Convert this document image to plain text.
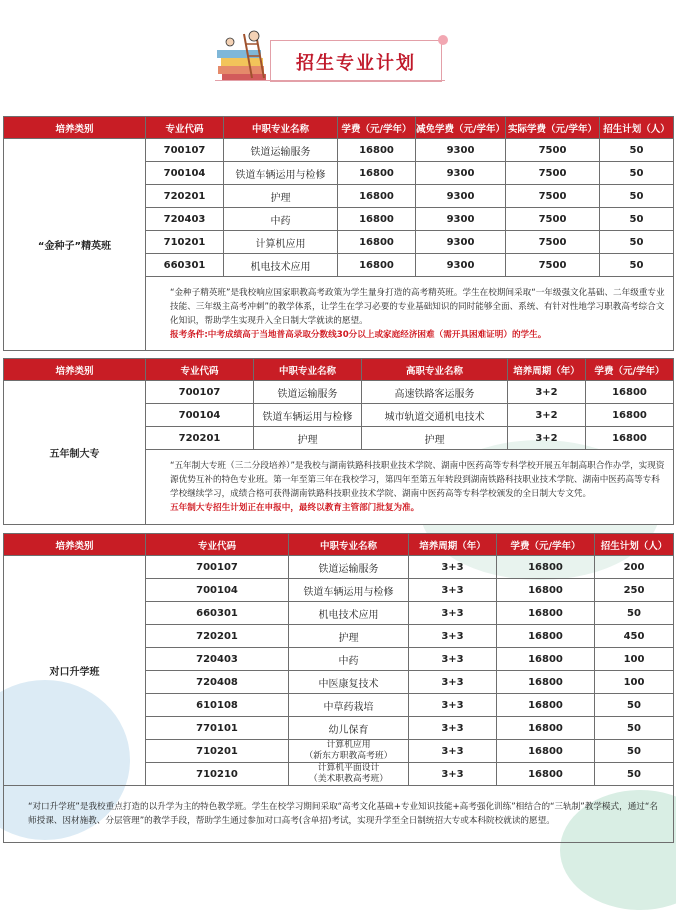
招生专业计划
培养类别	专业代码	中职专业名称	学费（元/学年）	减免学费（元/学年）	实际学费（元/学年）	招生计划（人）
“金种子”精英班	700107	铁道运输服务	16800	9300	7500	50
	700104	铁道车辆运用与检修	16800	9300	7500	50
	720201	护理	16800	9300	7500	50
	720403	中药	16800	9300	7500	50
	710201	计算机应用	16800	9300	7500	50
	660301	机电技术应用	16800	9300	7500	50

	“金种子精英班”是我校响应国家职教高考政策为学生量身打造的高考精英班。学生在校期间采取“一年级强文化基础、二年级重专业技能、三年级主高考冲刺”的教学体系，让学生在学习必要的专业基础知识的同时能够全面、系统、有针对性地学习职教高考综合文化知识，帮助学生实现升入全日制大学就读的愿望。
报考条件:中考成绩高于当地普高录取分数线30分以上或家庭经济困难（需开具困难证明）的学生。					
培养类别	专业代码	中职专业名称	高职专业名称	培养周期（年）	学费（元/学年）
五年制大专	700107	铁道运输服务	高速铁路客运服务	3+2	16800
	700104	铁道车辆运用与检修	城市轨道交通机电技术	3+2	16800
	720201	护理	护理	3+2	16800

	“五年制大专班（三二分段培养）”是我校与湖南铁路科技职业技术学院、湖南中医药高等专科学校开展五年制高职合作办学，实现资源优势互补的特色专业班。第一年至第三年在我校学习，第四年至第五年转段到湖南铁路科技职业技术学院、湖南中医药高等专科学校继续学习，成绩合格可获得湖南铁路科技职业技术学院、湖南中医药高等专科学校颁发的全日制大专文凭。
五年制大专招生计划正在申报中，最终以教育主管部门批复为准。				
培养类别	专业代码	中职专业名称	培养周期（年）	学费（元/学年）	招生计划（人）
对口升学班	700107	铁道运输服务	3+3	16800	200
	700104	铁道车辆运用与检修	3+3	16800	250
	660301	机电技术应用	3+3	16800	50
	720201	护理	3+3	16800	450
	720403	中药	3+3	16800	100
	720408	中医康复技术	3+3	16800	100
	610108	中草药栽培	3+3	16800	50
	770101	幼儿保育	3+3	16800	50
	710201	计算机应用
（新东方职教高考班）	3+3	16800	50
	710210	计算机平面设计
（美术职教高考班）	3+3	16800	50

“对口升学班”是我校重点打造的以升学为主的特色教学班。学生在校学习期间采取“高考文化基础+专业知识技能+高考强化训练”相结合的“三轨制”教学模式，通过“名师授课、因材施教、分层管理”的教学手段，帮助学生通过参加对口高考(含单招)考试，实现升学至全日制统招大专或本科院校就读的愿望。					
